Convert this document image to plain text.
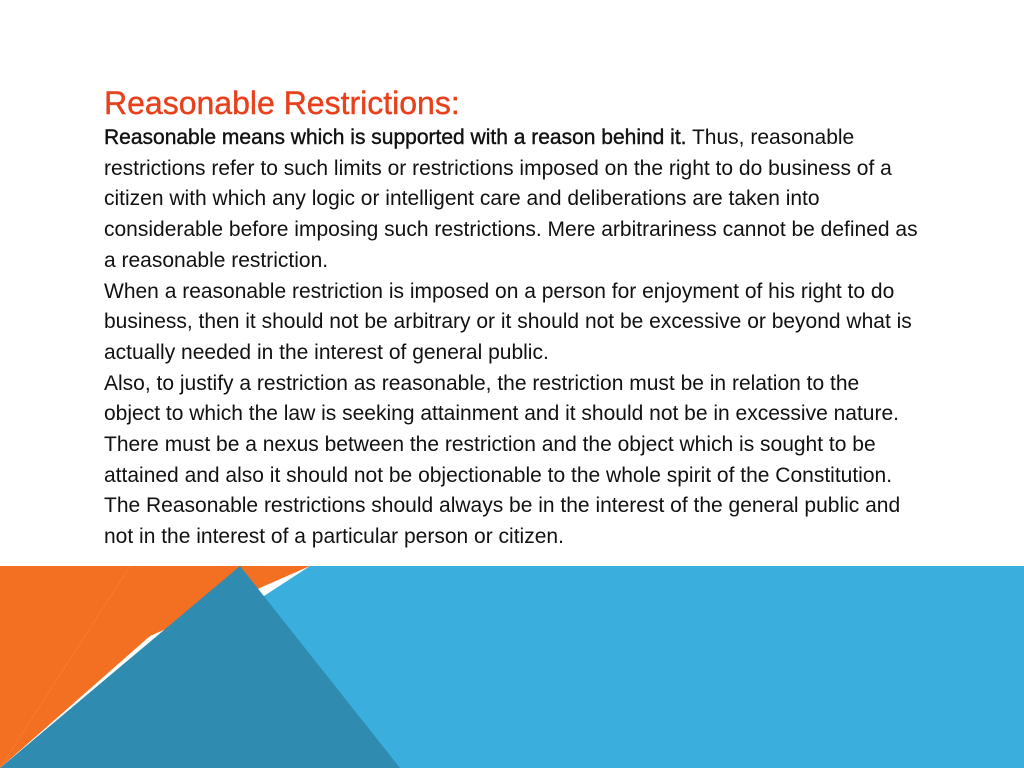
Reasonable Restrictions:

Reasonable means which is supported with a reason behind it. Thus, reasonable restrictions refer to such limits or restrictions imposed on the right to do business of a citizen with which any logic or intelligent care and deliberations are taken into considerable before imposing such restrictions. Mere arbitrariness cannot be defined as a reasonable restriction.

When a reasonable restriction is imposed on a person for enjoyment of his right to do business, then it should not be arbitrary or it should not be excessive or beyond what is actually needed in the interest of general public.

Also, to justify a restriction as reasonable, the restriction must be in relation to the object to which the law is seeking attainment and it should not be in excessive nature.

There must be a nexus between the restriction and the object which is sought to be attained and also it should not be objectionable to the whole spirit of the Constitution.

The Reasonable restrictions should always be in the interest of the general public and not in the interest of a particular person or citizen.
